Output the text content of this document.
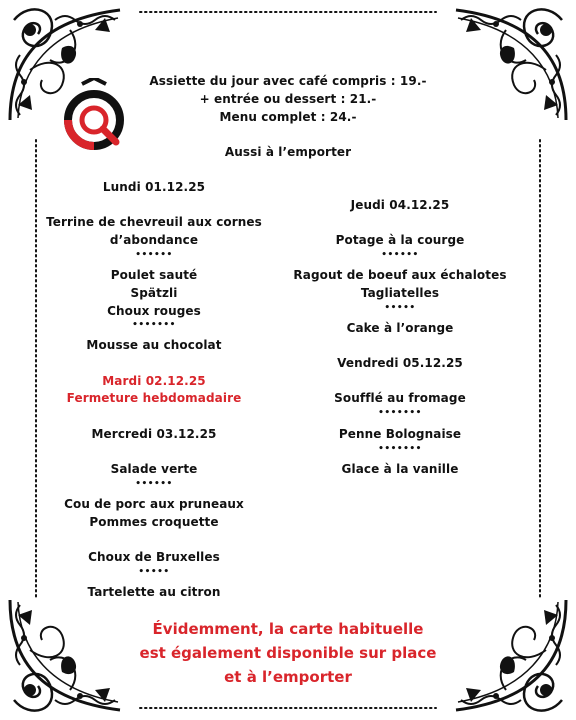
Assiette du jour avec café compris : 19.-
+ entrée ou dessert : 21.-
Menu complet : 24.-
Aussi à l’emporter
Lundi 01.12.25
Terrine de chevreuil aux cornes
d’abondance
••••••
Poulet sauté
Spätzli
Choux rouges
•••••••
Mousse au chocolat
Mardi 02.12.25
Fermeture hebdomadaire
Mercredi 03.12.25
Salade verte
••••••
Cou de porc aux pruneaux
Pommes croquette
Choux de Bruxelles
•••••
Tartelette au citron
Jeudi 04.12.25
Potage à la courge
••••••
Ragout de boeuf aux échalotes
Tagliatelles
•••••
Cake à l’orange
Vendredi 05.12.25
Soufflé au fromage
•••••••
Penne Bolognaise
•••••••
Glace à la vanille
Évidemment, la carte habituelle
est également disponible sur place
et à l’emporter
